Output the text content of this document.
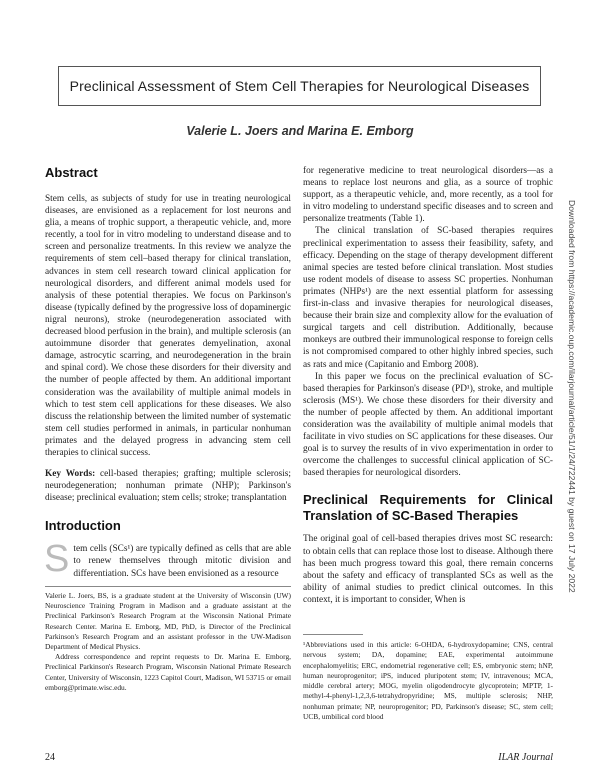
Preclinical Assessment of Stem Cell Therapies for Neurological Diseases
Valerie L. Joers and Marina E. Emborg
Abstract

Stem cells, as subjects of study for use in treating neurological diseases, are envisioned as a replacement for lost neurons and glia, a means of trophic support, a therapeutic vehicle, and, more recently, a tool for in vitro modeling to understand disease and to screen and personalize treatments. In this review we analyze the requirements of stem cell–based therapy for clinical translation, advances in stem cell research toward clinical application for neurological disorders, and different animal models used for analysis of these potential therapies. We focus on Parkinson's disease (typically defined by the progressive loss of dopaminergic nigral neurons), stroke (neurodegeneration associated with decreased blood perfusion in the brain), and multiple sclerosis (an autoimmune disorder that generates demyelination, axonal damage, astrocytic scarring, and neurodegeneration in the brain and spinal cord). We chose these disorders for their diversity and the number of people affected by them. An additional important consideration was the availability of multiple animal models in which to test stem cell applications for these diseases. We also discuss the relationship between the limited number of systematic stem cell studies performed in animals, in particular nonhuman primates and the delayed progress in advancing stem cell therapies to clinical success.

Key Words: cell-based therapies; grafting; multiple sclerosis; neurodegeneration; nonhuman primate (NHP); Parkinson's disease; preclinical evaluation; stem cells; stroke; transplantation

Introduction
S tem cells (SCs¹) are typically defined as cells that are able to renew themselves through mitotic division and differentiation. SCs have been envisioned as a resource

Valerie L. Joers, BS, is a graduate student at the University of Wisconsin (UW) Neuroscience Training Program in Madison and a graduate assistant at the Preclinical Parkinson's Research Program at the Wisconsin National Primate Research Center. Marina E. Emborg, MD, PhD, is Director of the Preclinical Parkinson's Research Program and an assistant professor in the UW-Madison Department of Medical Physics.

Address correspondence and reprint requests to Dr. Marina E. Emborg, Preclinical Parkinson's Research Program, Wisconsin National Primate Research Center, University of Wisconsin, 1223 Capitol Court, Madison, WI 53715 or email emborg@primate.wisc.edu.

for regenerative medicine to treat neurological disorders—as a means to replace lost neurons and glia, as a source of trophic support, as a therapeutic vehicle, and, more recently, as a tool for in vitro modeling to understand specific diseases and to screen and personalize treatments (Table 1).

The clinical translation of SC-based therapies requires preclinical experimentation to assess their feasibility, safety, and efficacy. Depending on the stage of therapy development different animal species are tested before clinical translation. Most studies use rodent models of disease to assess SC properties. Nonhuman primates (NHPs¹) are the next essential platform for assessing first-in-class and invasive therapies for neurological diseases, because their brain size and complexity allow for the evaluation of surgical targets and cell distribution. Additionally, because monkeys are outbred their immunological response to foreign cells is not compromised compared to other highly inbred species, such as rats and mice (Capitanio and Emborg 2008).

In this paper we focus on the preclinical evaluation of SC-based therapies for Parkinson's disease (PD¹), stroke, and multiple sclerosis (MS¹). We chose these disorders for their diversity and the number of people affected by them. An additional important consideration was the availability of multiple animal models that facilitate in vivo studies on SC applications for these diseases. Our goal is to survey the results of in vivo experimentation in order to overcome the challenges to successful clinical application of SC-based therapies for neurological disorders.

Preclinical Requirements for Clinical Translation of SC-Based Therapies

The original goal of cell-based therapies drives most SC research: to obtain cells that can replace those lost to disease. Although there has been much progress toward this goal, there remain concerns about the safety and efficacy of transplanted SCs as well as the ability of animal studies to predict clinical outcomes. In this context, it is important to consider, When is

¹Abbreviations used in this article: 6-OHDA, 6-hydroxydopamine; CNS, central nervous system; DA, dopamine; EAE, experimental autoimmune encephalomyelitis; ERC, endometrial regenerative cell; ES, embryonic stem; hNP, human neuroprogenitor; iPS, induced pluripotent stem; IV, intravenous; MCA, middle cerebral artery; MOG, myelin oligodendrocyte glycoprotein; MPTP, 1-methyl-4-phenyl-1,2,3,6-tetrahydropyridine; MS, multiple sclerosis; NHP, nonhuman primate; NP, neuroprogenitor; PD, Parkinson's disease; SC, stem cell; UCB, umbilical cord blood
24	ILAR Journal
Downloaded from https://academic.oup.com/ilarjournal/article/51/1/24/722441 by guest on 17 July 2022
